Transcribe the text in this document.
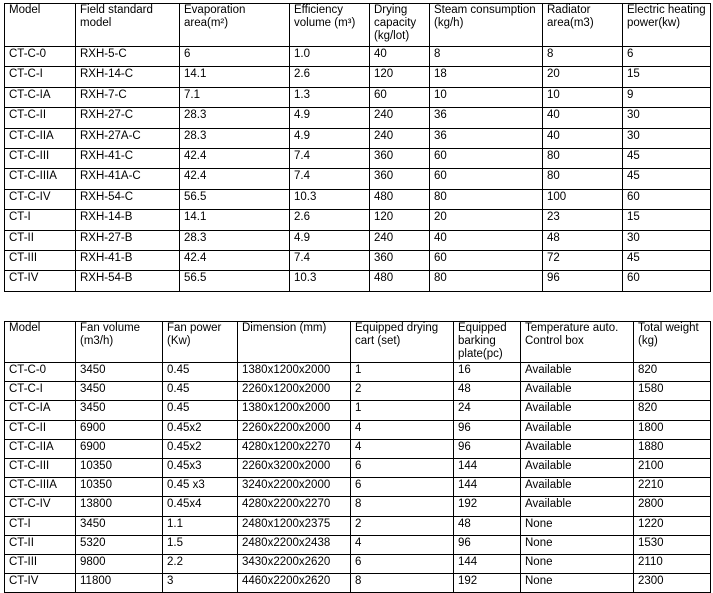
Model	Field standard model	Evaporation area(m²)	Efficiency volume (m³)	Drying capacity (kg/lot)	Steam consumption (kg/h)	Radiator area(m3)	Electric heating power(kw)
CT-C-0	RXH-5-C	6	1.0	40	8	8	6
CT-C-I	RXH-14-C	14.1	2.6	120	18	20	15
CT-C-IA	RXH-7-C	7.1	1.3	60	10	10	9
CT-C-II	RXH-27-C	28.3	4.9	240	36	40	30
CT-C-IIA	RXH-27A-C	28.3	4.9	240	36	40	30
CT-C-III	RXH-41-C	42.4	7.4	360	60	80	45
CT-C-IIIA	RXH-41A-C	42.4	7.4	360	60	80	45
CT-C-IV	RXH-54-C	56.5	10.3	480	80	100	60
CT-I	RXH-14-B	14.1	2.6	120	20	23	15
CT-II	RXH-27-B	28.3	4.9	240	40	48	30
CT-III	RXH-41-B	42.4	7.4	360	60	72	45
CT-IV	RXH-54-B	56.5	10.3	480	80	96	60
Model	Fan volume (m3/h)	Fan power (Kw)	Dimension (mm)	Equipped drying cart (set)	Equipped barking plate(pc)	Temperature auto. Control box	Total weight (kg)
CT-C-0	3450	0.45	1380x1200x2000	1	16	Available	820
CT-C-I	3450	0.45	2260x1200x2000	2	48	Available	1580
CT-C-IA	3450	0.45	1380x1200x2000	1	24	Available	820
CT-C-II	6900	0.45x2	2260x2200x2000	4	96	Available	1800
CT-C-IIA	6900	0.45x2	4280x1200x2270	4	96	Available	1880
CT-C-III	10350	0.45x3	2260x3200x2000	6	144	Available	2100
CT-C-IIIA	10350	0.45 x3	3240x2200x2000	6	144	Available	2210
CT-C-IV	13800	0.45x4	4280x2200x2270	8	192	Available	2800
CT-I	3450	1.1	2480x1200x2375	2	48	None	1220
CT-II	5320	1.5	2480x2200x2438	4	96	None	1530
CT-III	9800	2.2	3430x2200x2620	6	144	None	2110
CT-IV	11800	3	4460x2200x2620	8	192	None	2300
